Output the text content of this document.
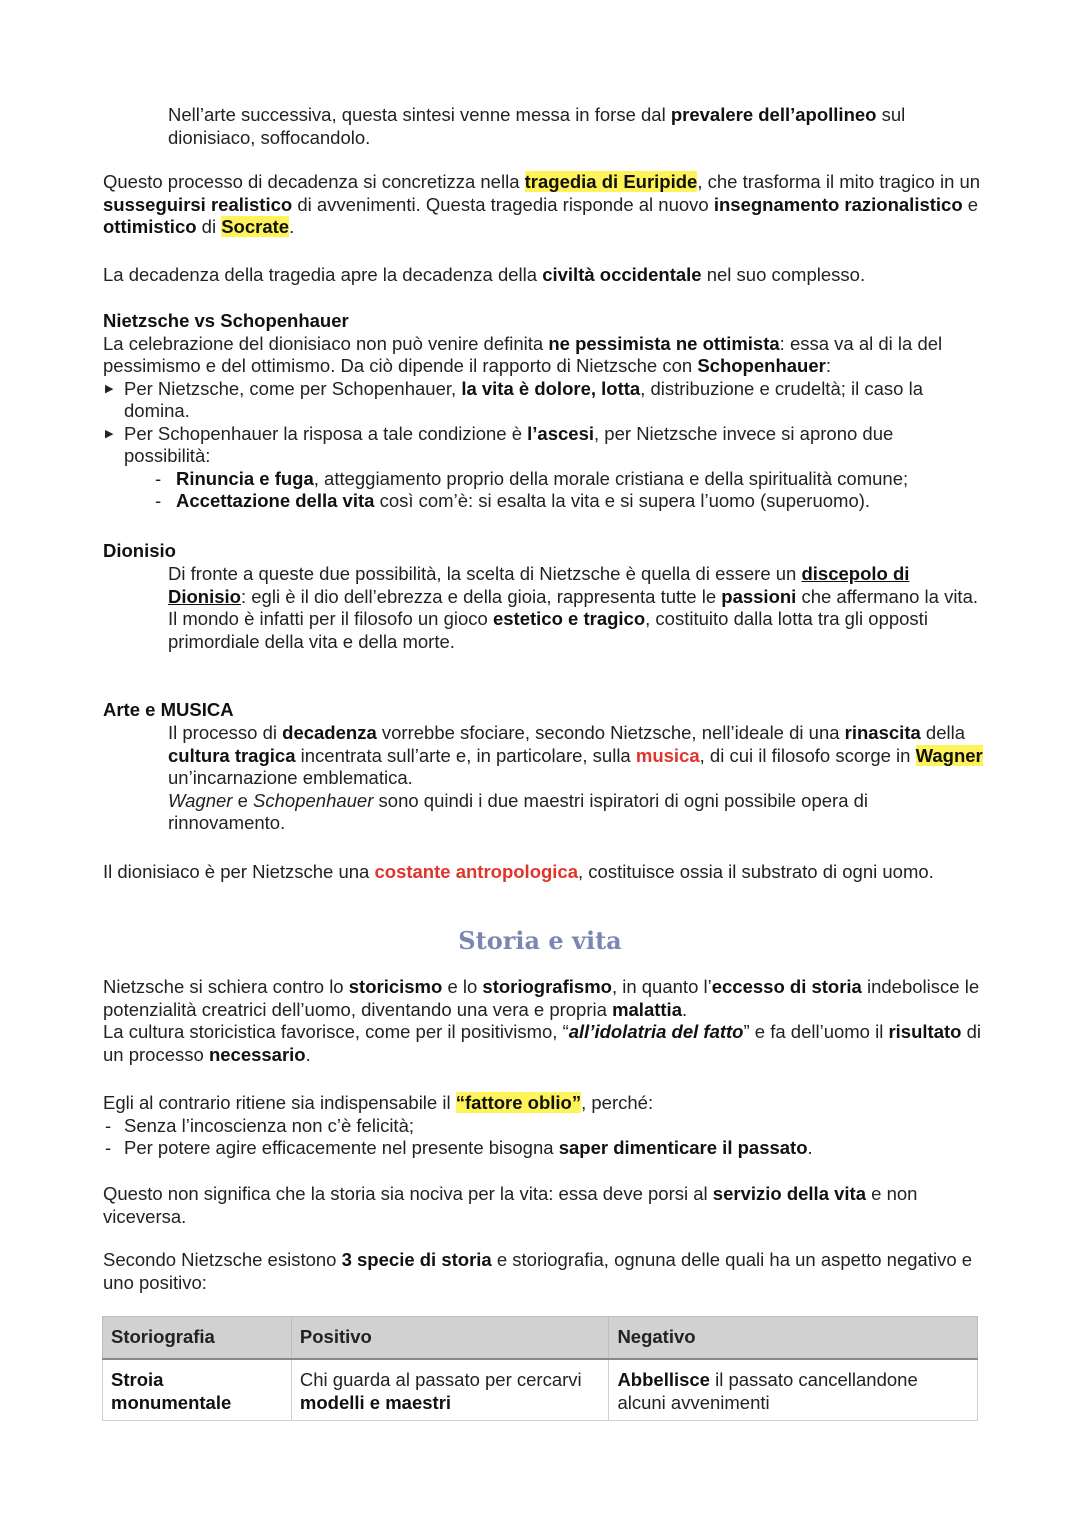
Nell’arte successiva, questa sintesi venne messa in forse dal prevalere dell’apollineo sul dionisiaco, soffocandolo.

Questo processo di decadenza si concretizza nella tragedia di Euripide, che trasforma il mito tragico in un susseguirsi realistico di avvenimenti. Questa tragedia risponde al nuovo insegnamento razionalistico e ottimistico di Socrate.

La decadenza della tragedia apre la decadenza della civiltà occidentale nel suo complesso.

Nietzsche vs Schopenhauer

La celebrazione del dionisiaco non può venire definita ne pessimista ne ottimista: essa va al di la del pessimismo e del ottimismo. Da ciò dipende il rapporto di Nietzsche con Schopenhauer:

▶ Per Nietzsche, come per Schopenhauer, la vita è dolore, lotta, distribuzione e crudeltà; il caso la domina.
▶ Per Schopenhauer la risposa a tale condizione è l’ascesi, per Nietzsche invece si aprono due possibilità:
- Rinuncia e fuga, atteggiamento proprio della morale cristiana e della spiritualità comune;
- Accettazione della vita così com’è: si esalta la vita e si supera l’uomo (superuomo).

Dionisio

Di fronte a queste due possibilità, la scelta di Nietzsche è quella di essere un discepolo di Dionisio: egli è il dio dell’ebrezza e della gioia, rappresenta tutte le passioni che affermano la vita.

Il mondo è infatti per il filosofo un gioco estetico e tragico, costituito dalla lotta tra gli opposti primordiale della vita e della morte.

Arte e MUSICA

Il processo di decadenza vorrebbe sfociare, secondo Nietzsche, nell’ideale di una rinascita della cultura tragica incentrata sull’arte e, in particolare, sulla musica, di cui il filosofo scorge in Wagner un’incarnazione emblematica.

Wagner e Schopenhauer sono quindi i due maestri ispiratori di ogni possibile opera di rinnovamento.

Il dionisiaco è per Nietzsche una costante antropologica, costituisce ossia il substrato di ogni uomo.

Storia e vita

Nietzsche si schiera contro lo storicismo e lo storiografismo, in quanto l’eccesso di storia indebolisce le potenzialità creatrici dell’uomo, diventando una vera e propria malattia.

La cultura storicistica favorisce, come per il positivismo, “all’idolatria del fatto” e fa dell’uomo il risultato di un processo necessario.

Egli al contrario ritiene sia indispensabile il “fattore oblio”, perché:

- Senza l’incoscienza non c’è felicità;
- Per potere agire efficacemente nel presente bisogna saper dimenticare il passato.

Questo non significa che la storia sia nociva per la vita: essa deve porsi al servizio della vita e non viceversa.

Secondo Nietzsche esistono 3 specie di storia e storiografia, ognuna delle quali ha un aspetto negativo e uno positivo:

Storiografia	Positivo	Negativo
Stroia monumentale	Chi guarda al passato per cercarvi modelli e maestri	Abbellisce il passato cancellandone alcuni avvenimenti
